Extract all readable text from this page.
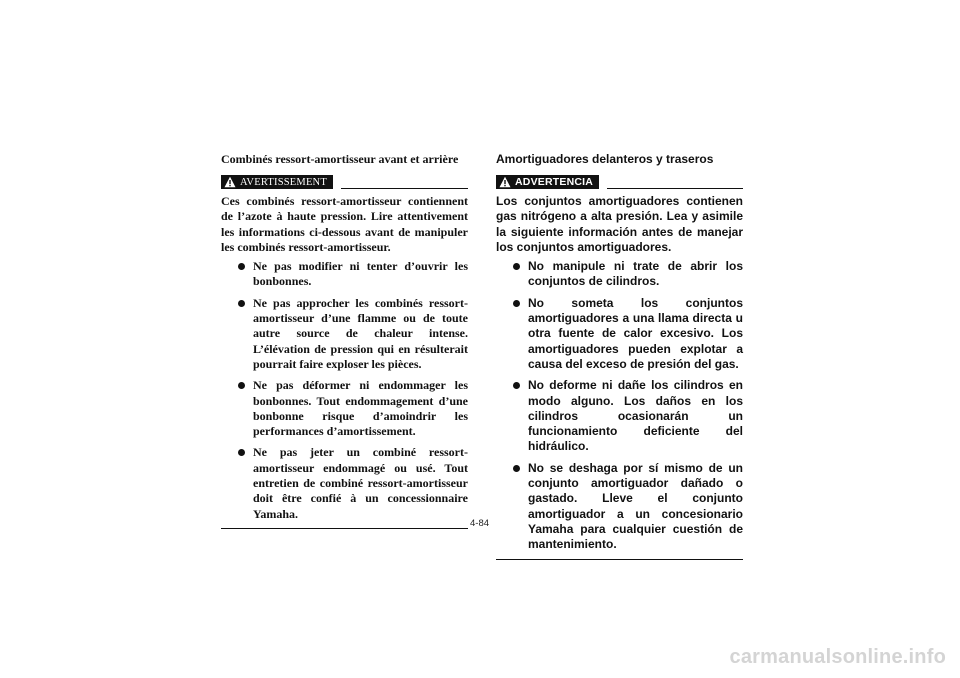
Combinés ressort-amortisseur avant et arrière
AVERTISSEMENT

Ces combinés ressort-amortisseur contiennent de l’azote à haute pression. Lire attentivement les informations ci-dessous avant de manipuler les combinés ressort-amortisseur.

Ne pas modifier ni tenter d’ouvrir les bonbonnes.
Ne pas approcher les combinés ressort-amortisseur d’une flamme ou de toute autre source de chaleur intense. L’élévation de pression qui en résulterait pourrait faire exploser les pièces.
Ne pas déformer ni endommager les bonbonnes. Tout endommagement d’une bonbonne risque d’amoindrir les performances d’amortissement.
Ne pas jeter un combiné ressort-amortisseur endommagé ou usé. Tout entretien de combiné ressort-amortisseur doit être confié à un concessionnaire Yamaha.
Amortiguadores delanteros y traseros
ADVERTENCIA

Los conjuntos amortiguadores contienen gas nitrógeno a alta presión. Lea y asimile la siguiente información antes de manejar los conjuntos amortiguadores.

No manipule ni trate de abrir los conjuntos de cilindros.
No someta los conjuntos amortiguadores a una llama directa u otra fuente de calor excesivo. Los amortiguadores pueden explotar a causa del exceso de presión del gas.
No deforme ni dañe los cilindros en modo alguno. Los daños en los cilindros ocasionarán un funcionamiento deficiente del hidráulico.
No se deshaga por sí mismo de un conjunto amortiguador dañado o gastado. Lleve el conjunto amortiguador a un concesionario Yamaha para cualquier cuestión de mantenimiento.
4-84
carmanualsonline.info
